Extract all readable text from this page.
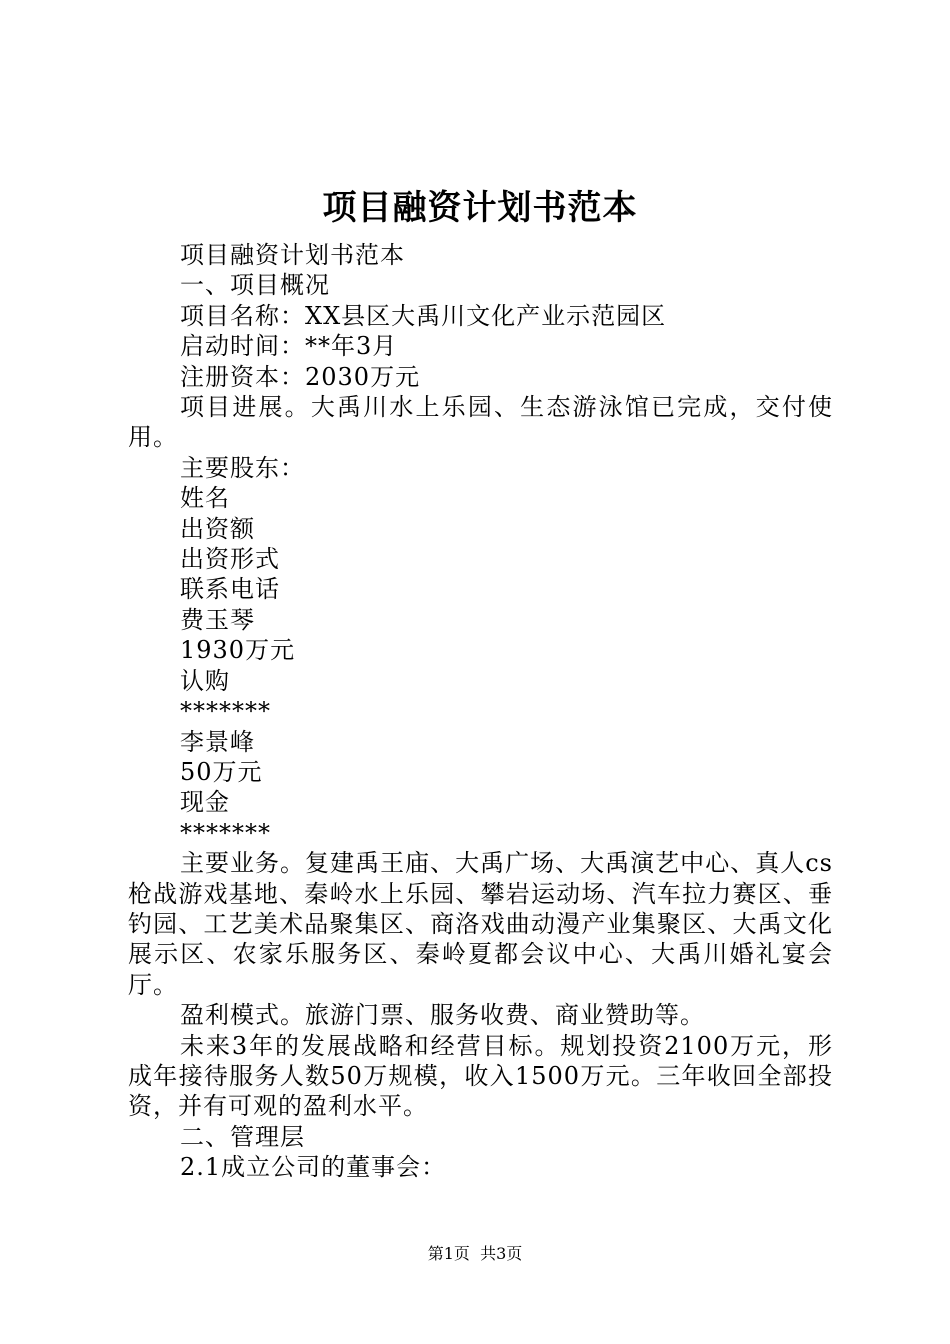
项目融资计划书范本

项目融资计划书范本

一、项目概况

项目名称：XX县区大禹川文化产业示范园区

启动时间：**年3月

注册资本：2030万元

项目进展。大禹川水上乐园、生态游泳馆已完成，交付使用。

主要股东：

姓名

出资额

出资形式

联系电话

费玉琴

1930万元

认购

*******

李景峰

50万元

现金

*******

主要业务。复建禹王庙、大禹广场、大禹演艺中心、真人cs枪战游戏基地、秦岭水上乐园、攀岩运动场、汽车拉力赛区、垂钓园、工艺美术品聚集区、商洛戏曲动漫产业集聚区、大禹文化展示区、农家乐服务区、秦岭夏都会议中心、大禹川婚礼宴会厅。

盈利模式。旅游门票、服务收费、商业赞助等。

未来3年的发展战略和经营目标。规划投资2100万元，形成年接待服务人数50万规模，收入1500万元。三年收回全部投资，并有可观的盈利水平。

二、管理层

2.1成立公司的董事会：

第1页 共3页
